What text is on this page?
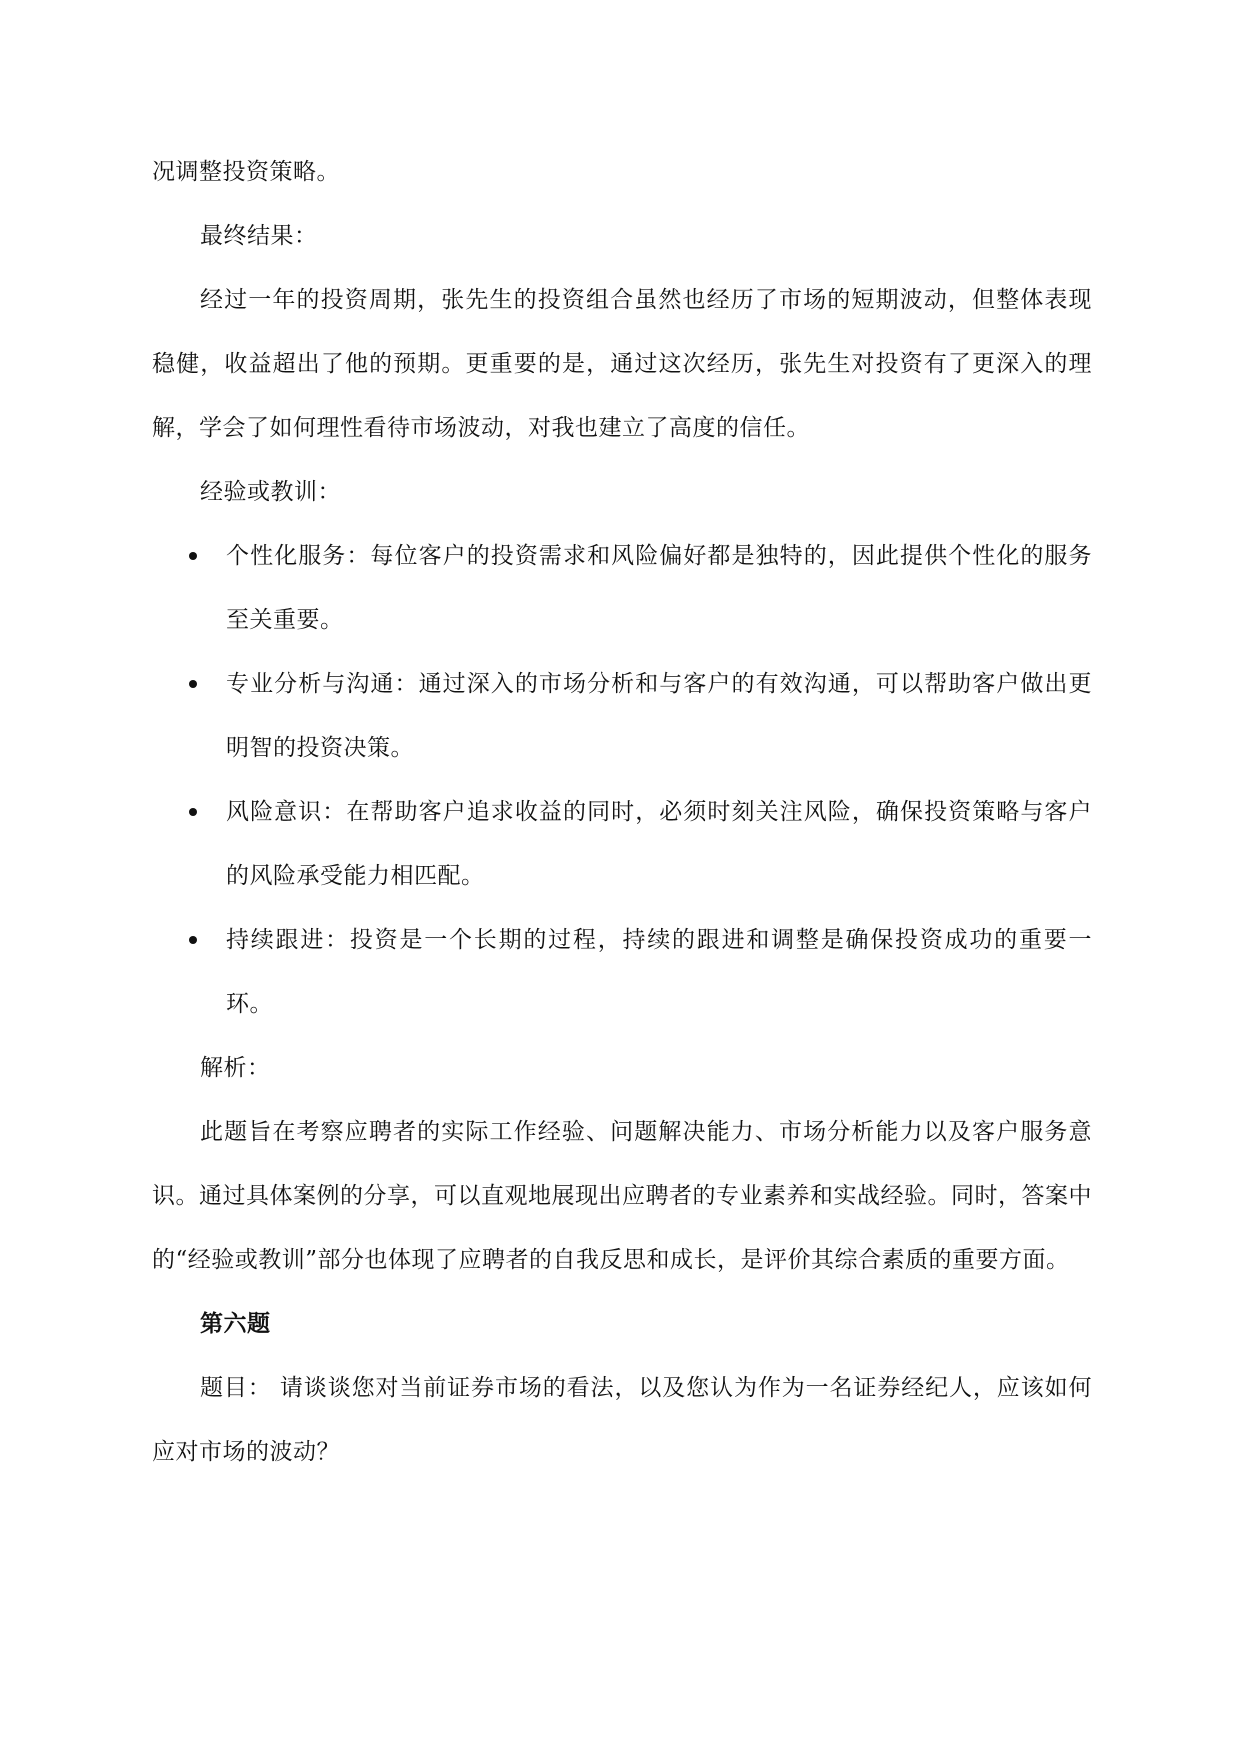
况调整投资策略。

最终结果：

经过一年的投资周期，张先生的投资组合虽然也经历了市场的短期波动，但整体表现稳健，收益超出了他的预期。更重要的是，通过这次经历，张先生对投资有了更深入的理解，学会了如何理性看待市场波动，对我也建立了高度的信任。

经验或教训：

个性化服务：每位客户的投资需求和风险偏好都是独特的，因此提供个性化的服务至关重要。
专业分析与沟通：通过深入的市场分析和与客户的有效沟通，可以帮助客户做出更明智的投资决策。
风险意识：在帮助客户追求收益的同时，必须时刻关注风险，确保投资策略与客户的风险承受能力相匹配。
持续跟进：投资是一个长期的过程，持续的跟进和调整是确保投资成功的重要一环。

解析：

此题旨在考察应聘者的实际工作经验、问题解决能力、市场分析能力以及客户服务意识。通过具体案例的分享，可以直观地展现出应聘者的专业素养和实战经验。同时，答案中的“经验或教训”部分也体现了应聘者的自我反思和成长，是评价其综合素质的重要方面。

第六题

题目： 请谈谈您对当前证券市场的看法，以及您认为作为一名证券经纪人，应该如何应对市场的波动？
